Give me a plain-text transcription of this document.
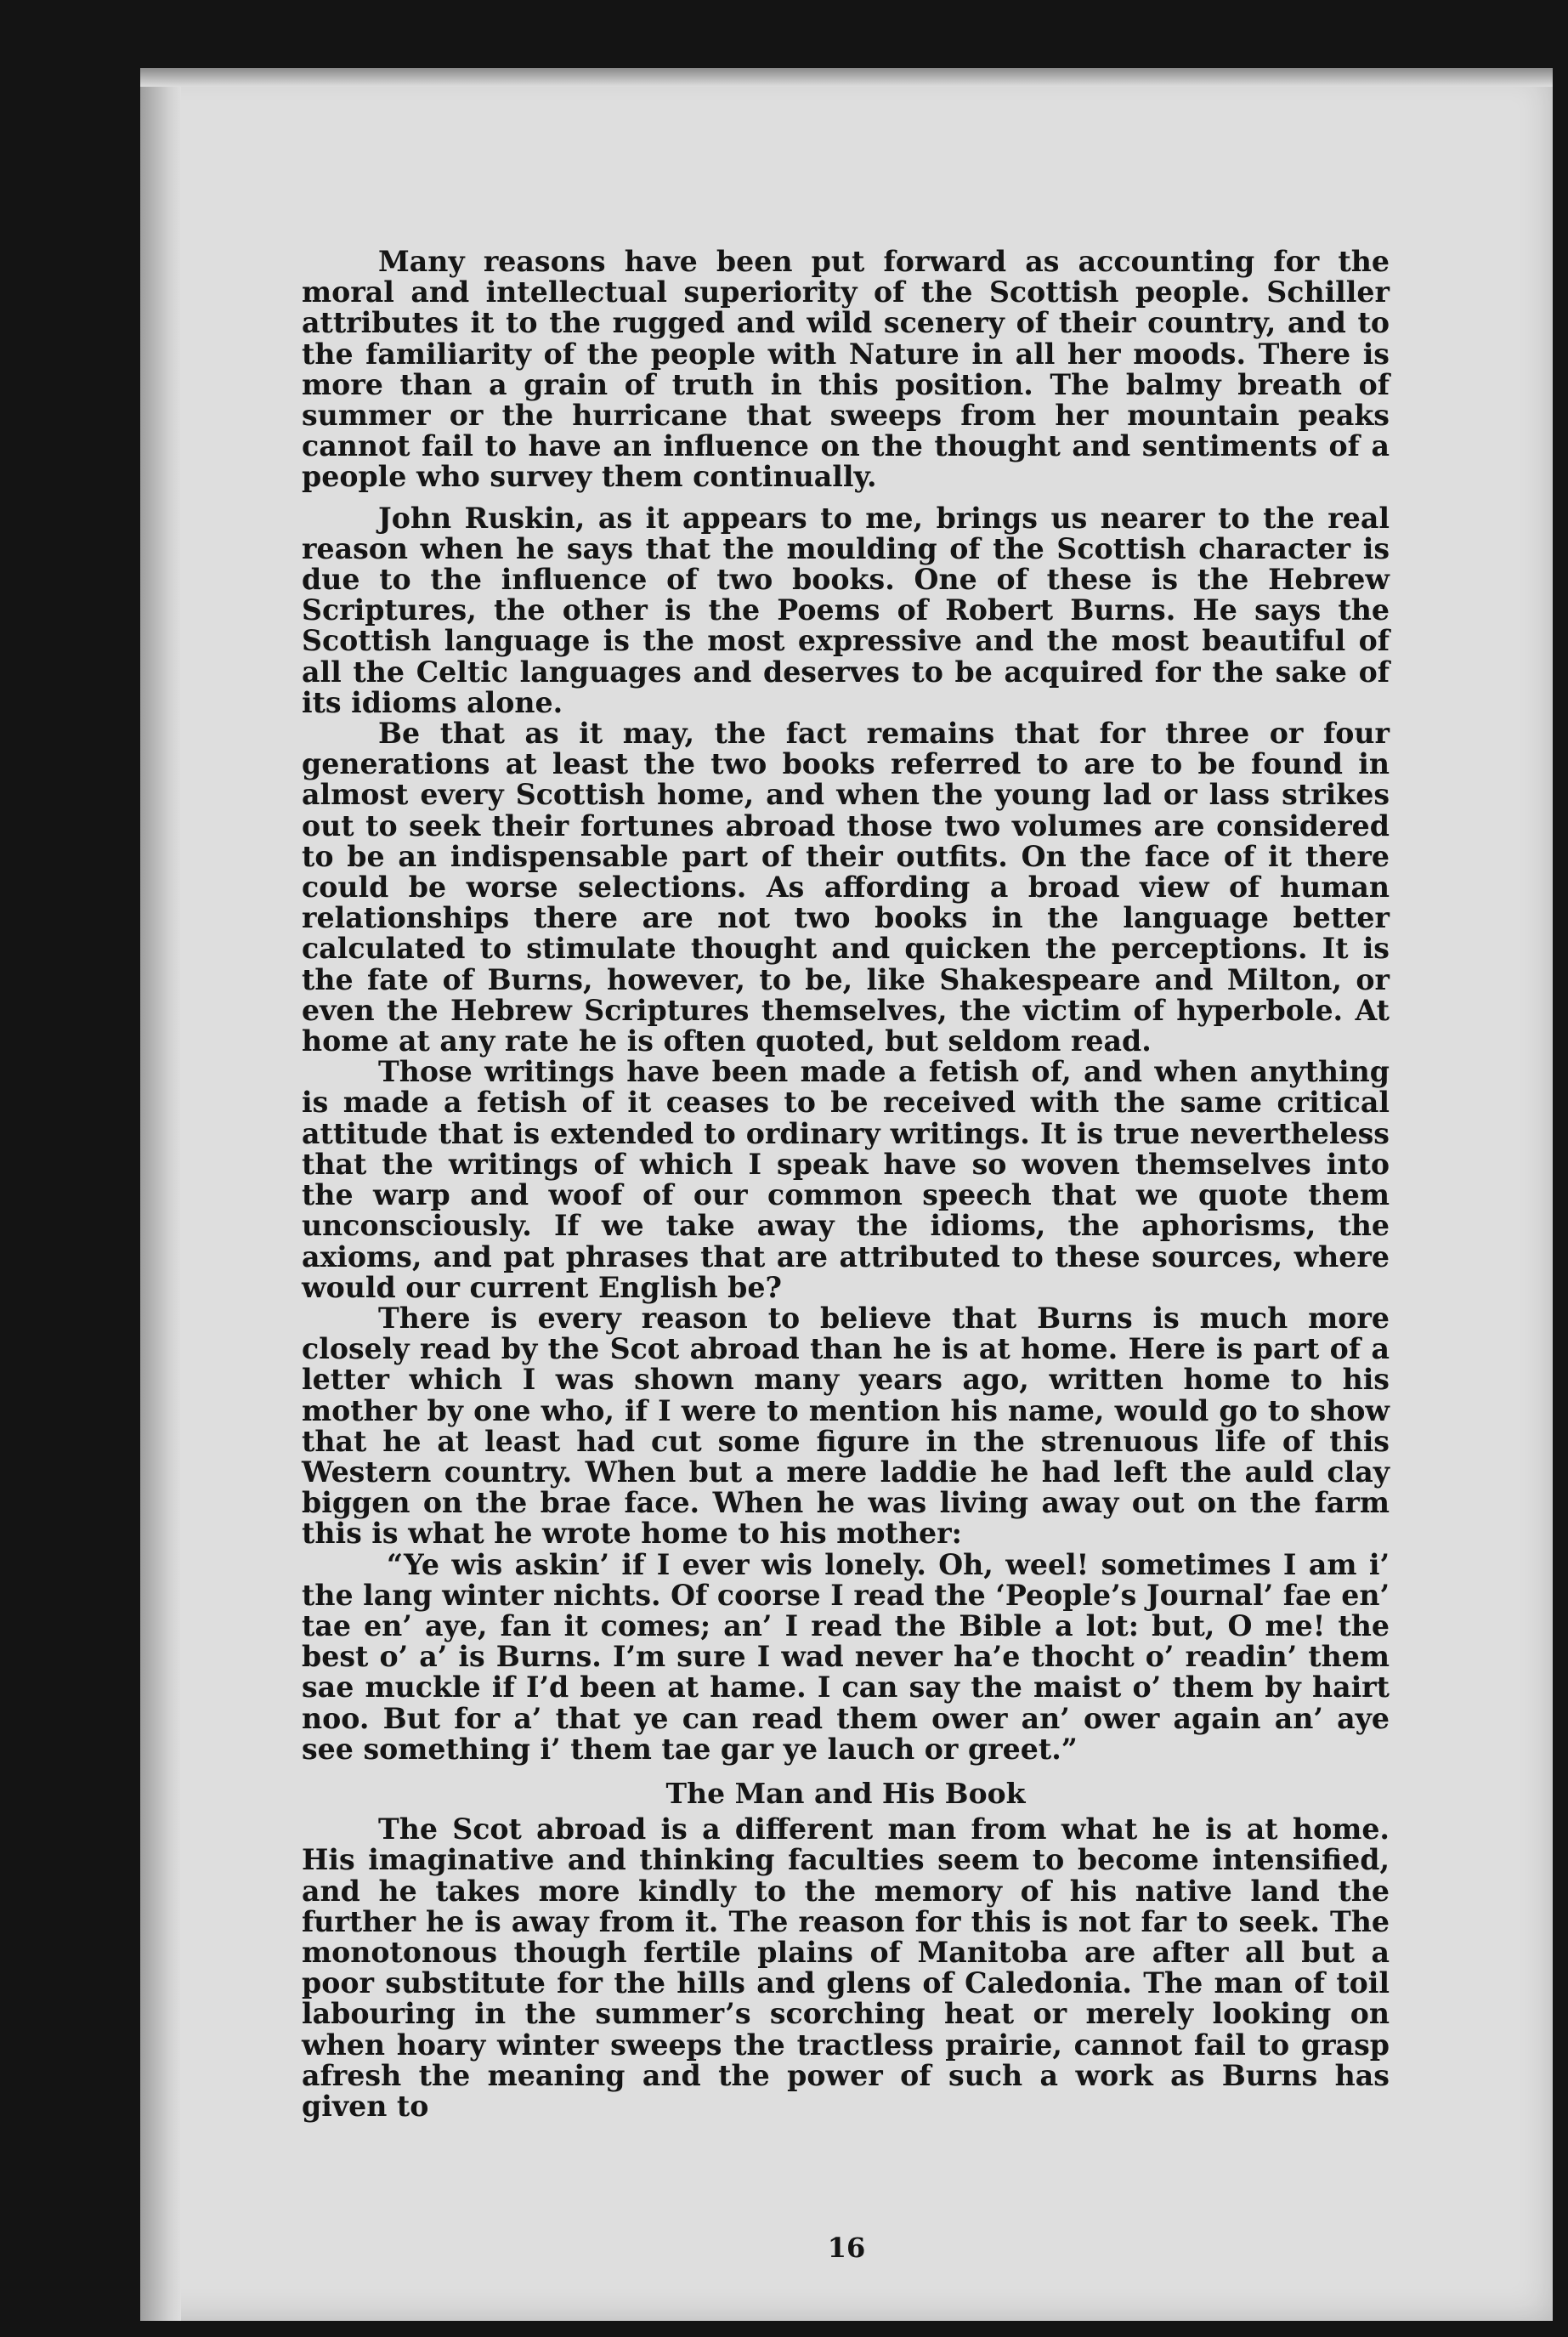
Many reasons have been put forward as accounting for the moral and intellectual superiority of the Scottish people. Schiller attributes it to the rugged and wild scenery of their country, and to the familiarity of the people with Nature in all her moods. There is more than a grain of truth in this position. The balmy breath of summer or the hurricane that sweeps from her mountain peaks cannot fail to have an influence on the thought and sentiments of a people who survey them continually.

John Ruskin, as it appears to me, brings us nearer to the real reason when he says that the moulding of the Scottish character is due to the influence of two books. One of these is the Hebrew Scriptures, the other is the Poems of Robert Burns. He says the Scottish language is the most expressive and the most beautiful of all the Celtic languages and deserves to be acquired for the sake of its idioms alone.

Be that as it may, the fact remains that for three or four generations at least the two books referred to are to be found in almost every Scottish home, and when the young lad or lass strikes out to seek their fortunes abroad those two volumes are considered to be an indispensable part of their outfits. On the face of it there could be worse selections. As affording a broad view of human relationships there are not two books in the language better calculated to stimulate thought and quicken the perceptions. It is the fate of Burns, however, to be, like Shakespeare and Milton, or even the Hebrew Scriptures themselves, the victim of hyperbole. At home at any rate he is often quoted, but seldom read.

Those writings have been made a fetish of, and when anything is made a fetish of it ceases to be received with the same critical attitude that is extended to ordinary writings. It is true nevertheless that the writings of which I speak have so woven themselves into the warp and woof of our common speech that we quote them unconsciously. If we take away the idioms, the aphorisms, the axioms, and pat phrases that are attributed to these sources, where would our current English be?

There is every reason to believe that Burns is much more closely read by the Scot abroad than he is at home. Here is part of a letter which I was shown many years ago, written home to his mother by one who, if I were to mention his name, would go to show that he at least had cut some figure in the strenuous life of this Western country. When but a mere laddie he had left the auld clay biggen on the brae face. When he was living away out on the farm this is what he wrote home to his mother:

“Ye wis askin’ if I ever wis lonely. Oh, weel! sometimes I am i’ the lang winter nichts. Of coorse I read the ‘People’s Journal’ fae en’ tae en’ aye, fan it comes; an’ I read the Bible a lot: but, O me! the best o’ a’ is Burns. I’m sure I wad never ha’e thocht o’ readin’ them sae muckle if I’d been at hame. I can say the maist o’ them by hairt noo. But for a’ that ye can read them ower an’ ower again an’ aye see something i’ them tae gar ye lauch or greet.”

The Man and His Book

The Scot abroad is a different man from what he is at home. His imaginative and thinking faculties seem to become intensified, and he takes more kindly to the memory of his native land the further he is away from it. The reason for this is not far to seek. The monotonous though fertile plains of Manitoba are after all but a poor substitute for the hills and glens of Caledonia. The man of toil labouring in the summer’s scorching heat or merely looking on when hoary winter sweeps the tractless prairie, cannot fail to grasp afresh the meaning and the power of such a work as Burns has given to

16
